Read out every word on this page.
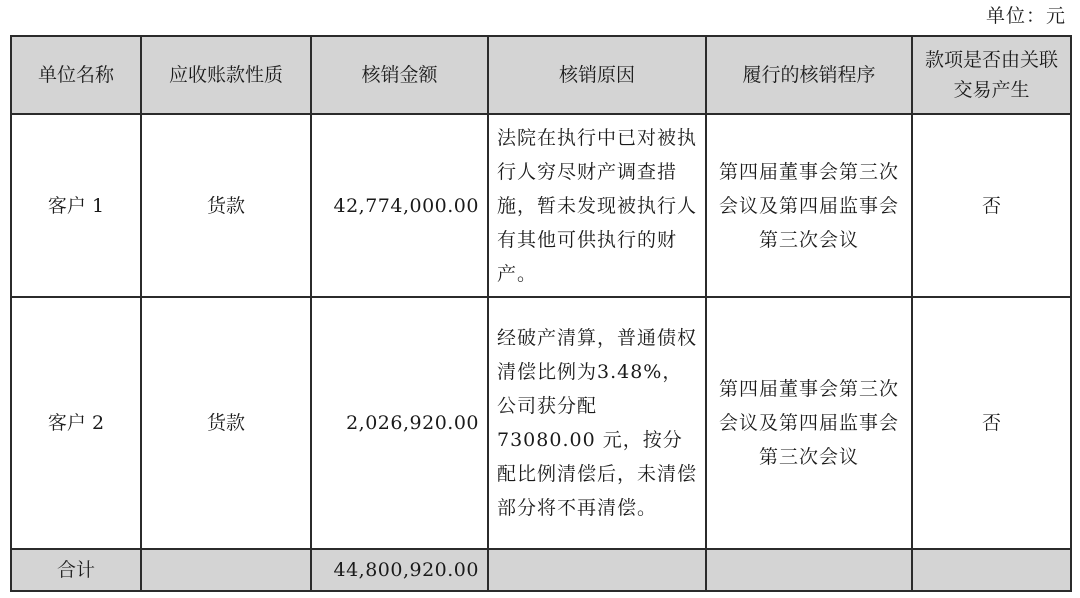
单位：元
单位名称	应收账款性质	核销金额	核销原因	履行的核销程序	款项是否由关联交易产生
客户 1	货款	42,774,000.00	法院在执行中已对被执行人穷尽财产调查措施，暂未发现被执行人有其他可供执行的财产。	第四届董事会第三次会议及第四届监事会第三次会议	否
客户 2	货款	2,026,920.00	经破产清算，普通债权清偿比例为3.48%，公司获分配 73080.00 元，按分配比例清偿后，未清偿部分将不再清偿。	第四届董事会第三次会议及第四届监事会第三次会议	否
合计		44,800,920.00			
